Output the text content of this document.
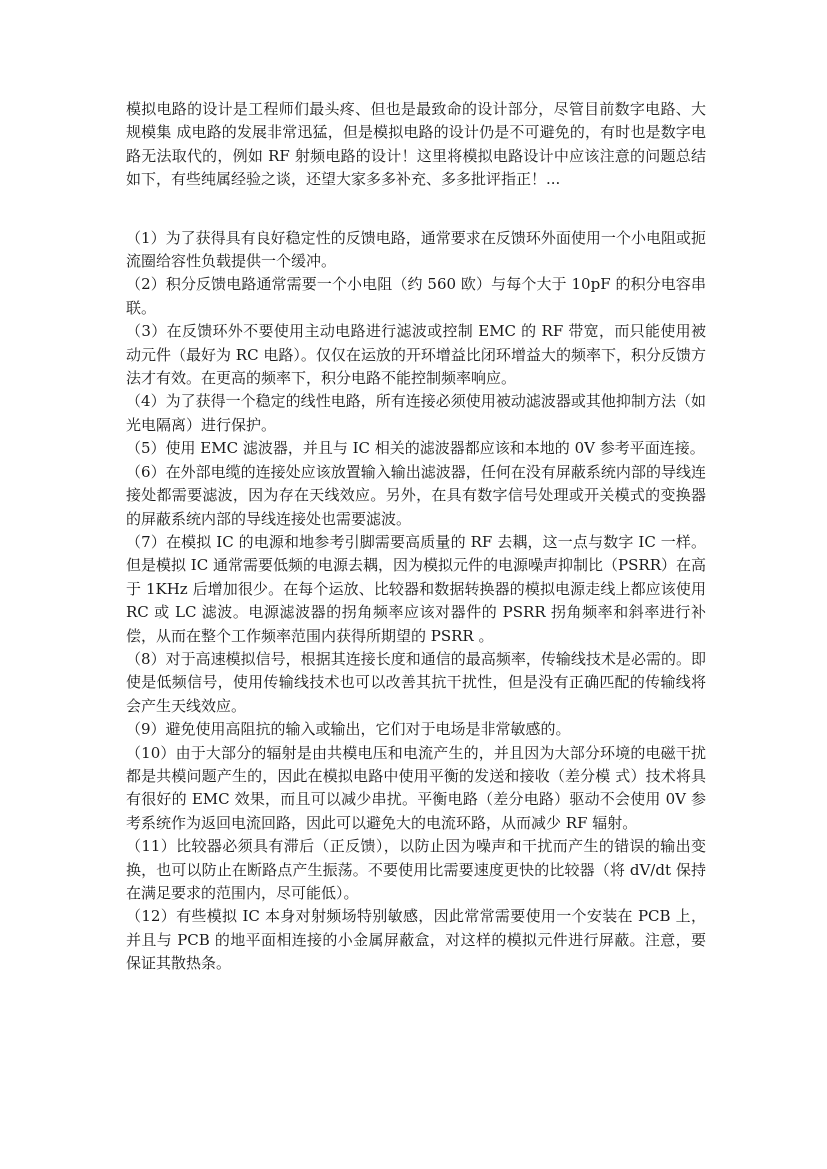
模拟电路的设计是工程师们最头疼、但也是最致命的设计部分，尽管目前数字电路、大规模集 成电路的发展非常迅猛，但是模拟电路的设计仍是不可避免的，有时也是数字电路无法取代的，例如 RF 射频电路的设计！这里将模拟电路设计中应该注意的问题总结如下，有些纯属经验之谈，还望大家多多补充、多多批评指正！...

（1）为了获得具有良好稳定性的反馈电路，通常要求在反馈环外面使用一个小电阻或扼流圈给容性负载提供一个缓冲。
（2）积分反馈电路通常需要一个小电阻（约 560 欧）与每个大于 10pF 的积分电容串联。
（3）在反馈环外不要使用主动电路进行滤波或控制 EMC 的 RF 带宽，而只能使用被动元件（最好为 RC 电路）。仅仅在运放的开环增益比闭环增益大的频率下，积分反馈方法才有效。在更高的频率下，积分电路不能控制频率响应。
（4）为了获得一个稳定的线性电路，所有连接必须使用被动滤波器或其他抑制方法（如光电隔离）进行保护。
（5）使用 EMC 滤波器，并且与 IC 相关的滤波器都应该和本地的 0V 参考平面连接。
（6）在外部电缆的连接处应该放置输入输出滤波器，任何在没有屏蔽系统内部的导线连接处都需要滤波，因为存在天线效应。另外，在具有数字信号处理或开关模式的变换器的屏蔽系统内部的导线连接处也需要滤波。
（7）在模拟 IC 的电源和地参考引脚需要高质量的 RF 去耦，这一点与数字 IC 一样。但是模拟 IC 通常需要低频的电源去耦，因为模拟元件的电源噪声抑制比（PSRR）在高于 1KHz 后增加很少。在每个运放、比较器和数据转换器的模拟电源走线上都应该使用 RC 或 LC 滤波。电源滤波器的拐角频率应该对器件的 PSRR 拐角频率和斜率进行补偿，从而在整个工作频率范围内获得所期望的 PSRR 。
（8）对于高速模拟信号，根据其连接长度和通信的最高频率，传输线技术是必需的。即使是低频信号，使用传输线技术也可以改善其抗干扰性，但是没有正确匹配的传输线将会产生天线效应。
（9）避免使用高阻抗的输入或输出，它们对于电场是非常敏感的。
（10）由于大部分的辐射是由共模电压和电流产生的，并且因为大部分环境的电磁干扰都是共模问题产生的，因此在模拟电路中使用平衡的发送和接收（差分模 式）技术将具有很好的 EMC 效果，而且可以减少串扰。平衡电路（差分电路）驱动不会使用 0V 参考系统作为返回电流回路，因此可以避免大的电流环路，从而减少 RF 辐射。
（11）比较器必须具有滞后（正反馈），以防止因为噪声和干扰而产生的错误的输出变换，也可以防止在断路点产生振荡。不要使用比需要速度更快的比较器（将 dV/dt 保持在满足要求的范围内，尽可能低）。
（12）有些模拟 IC 本身对射频场特别敏感，因此常常需要使用一个安装在 PCB 上，并且与 PCB 的地平面相连接的小金属屏蔽盒，对这样的模拟元件进行屏蔽。注意，要保证其散热条。
